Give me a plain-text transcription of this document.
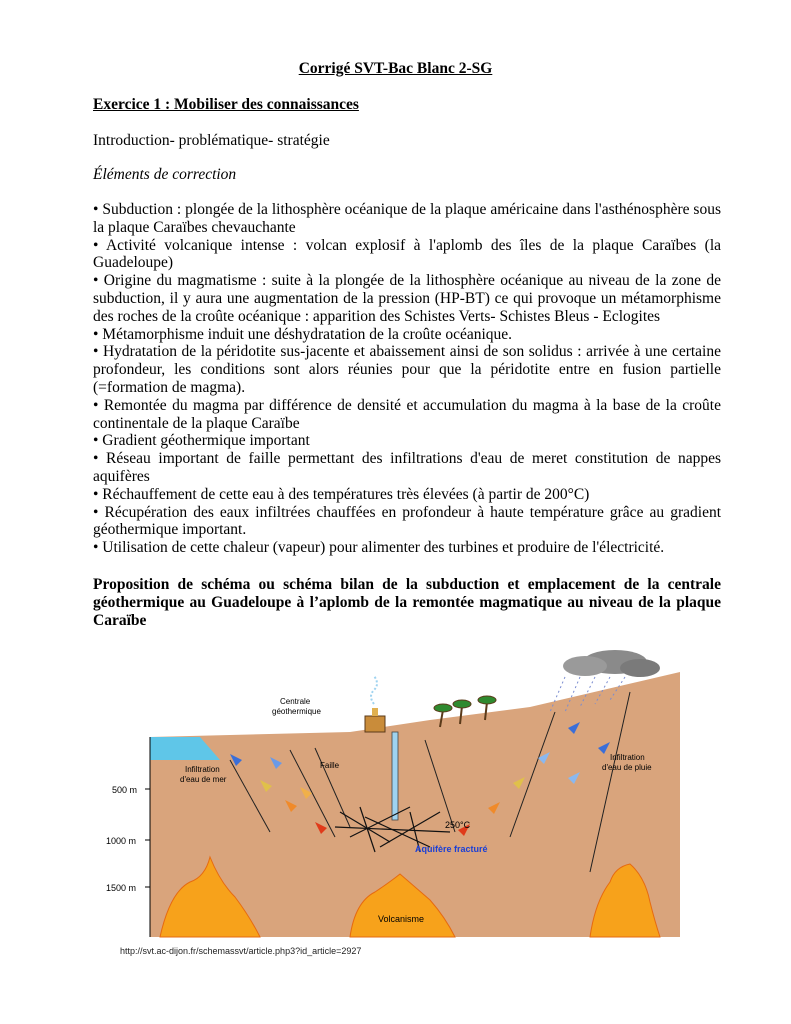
Corrigé SVT-Bac Blanc 2-SG
Exercice 1 : Mobiliser des connaissances
Introduction- problématique- stratégie
Éléments de correction
• Subduction : plongée de la lithosphère océanique de la plaque américaine dans l'asthénosphère sous la plaque Caraïbes chevauchante
• Activité volcanique intense : volcan explosif à l'aplomb des îles de la plaque Caraïbes (la Guadeloupe)
• Origine du magmatisme : suite à la plongée de la lithosphère océanique au niveau de la zone de subduction, il y aura une augmentation de la pression (HP-BT) ce qui provoque un métamorphisme des roches de la croûte océanique : apparition des Schistes Verts- Schistes Bleus - Eclogites
• Métamorphisme induit une déshydratation de la croûte océanique.
• Hydratation de la péridotite sus-jacente et abaissement ainsi de son solidus : arrivée à une certaine profondeur, les conditions sont alors réunies pour que la péridotite entre en fusion partielle (=formation de magma).
• Remontée du magma par différence de densité et accumulation du magma à la base de la croûte continentale de la plaque Caraïbe
• Gradient géothermique important
• Réseau important de faille permettant des infiltrations d'eau de meret constitution de nappes aquifères
• Réchauffement de cette eau à des températures très élevées (à partir de 200°C)
• Récupération des eaux infiltrées chauffées en profondeur à haute température grâce au gradient géothermique important.
• Utilisation de cette chaleur (vapeur) pour alimenter des turbines et produire de l'électricité.
Proposition de schéma ou schéma bilan de la subduction et emplacement de la centrale géothermique au Guadeloupe à l’aplomb de la remontée magmatique au niveau de la plaque Caraïbe
500 m
1000 m
1500 m
Centrale
géothermique
Faille
Infiltration
d'eau de mer
Infiltration
d'eau de pluie
250°C
Aquifère fracturé
Volcanisme
http://svt.ac-dijon.fr/schemassvt/article.php3?id_article=2927
